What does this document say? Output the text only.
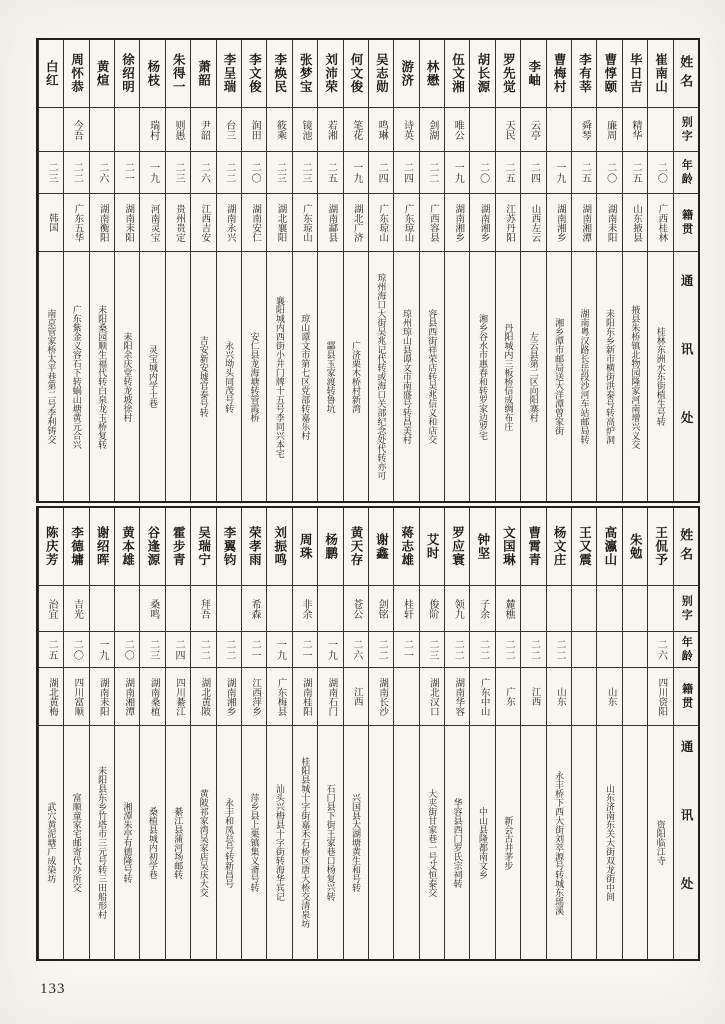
姓名
别字
年龄
籍贯
通讯处
崔南山
二〇
广西桂林
桂林东洲水东街植生号转
毕日吉
精华
二五
山东掖县
掖县朱桥镇北物园隆家河南增兴义交
曹惇颐
廉周
二〇
湖南耒阳
耒阳东乡新市横街洪泰号转高炉洞
李有莘
舜琴
二五
湖南湘潭
湖南粤汉路长岳段沙河车站邮局转
曹梅村
一九
湖南湘乡
湘乡潭市邮局送大洋潭曾家街
李岫
云亭
二四
山西左云
左云县第二区向阳寨村
罗先觉
天民
二五
江苏丹阳
丹阳城内三板桥信成绸布庄
胡长源
二〇
湖南湘乡
湘乡谷水市惠春和转罗家边罗宅
伍文湘
唯公
一九
湖南湘乡
林懋
剑湖
二二
广西容县
容县西街祥荣店转吴兆信义和店交
游济
诗英
二四
广东琼山
琼州琼山县谭文市南盛号转昌美村
吴志勋
鸣琳
二四
广东琼山
琼州海口大街吴兆记代转或海口关部纪念处代转亦可
何文俊
笔花
一九
湖北广济
广济栗木桥村新湾
刘沛荣
若湘
二五
湖南酃县
酃县玉家渡转鲁坑
张梦宝
镜池
二三
广东琼山
琼山谭文市第七区党部转嘉乐村
李焕民
筱乘
二三
湖北襄阳
襄阳城内西街小井门牌十五号李同兴本宅
李文俊
润田
二〇
湖南安仁
安仁县龙海塘转管霞桥
李呈瑞
台三
二二
湖南永兴
永兴坳头同茂号转
萧韶
尹韶
二六
江西吉安
吉安新安墟官泰号转
朱得一
则愚
二三
贵州贵定
杨枝
瑞村
一九
河南灵宝
灵宝城内学士巷
徐绍明
二一
湖南耒阳
耒阳余庆堂转龙坡徐村
黄煊
二六
湖南衡阳
耒阳桑园顺生福代转白泉龙玉桥复转
周怀恭
今吾
二二
广东五华
广东紫金义容石下转蜗山塘黄元合兴
白红
二三
韩国
南京管家桥太平巷第二号李利铸交
姓名
别字
年龄
籍贯
通讯处
王侃予
二六
四川资阳
资阳临江寺
朱勉
高瀛山
山东
山东济南东关大街双龙街中间
王又震
杨文庄
二二
山东
永丰桥下西大街刘萃源号转城东瑶溪
曹霄青
二二
江西
文国琳
麓樵
二二
广东
新会古井茅步
钟坚
子余
二二
广东中山
中山县隆都南文乡
罗应寰
领九
二二
湖南华容
华容县西门罗氏宗祠转
艾时
俊阶
二三
湖北汉口
大夹街甘家巷一号艾恒泰交
蒋志雄
桂轩
二一
谢鑫
剑铭
二二
湖南长沙
黄天存
苍公
二六
江西
兴国县大湖塘黄生和号转
杨鹏
一九
湖南石门
石门县下街王家巷口杨复兴转
周珠
非余
二一
湖南桂阳
桂阳县城十字街嘉禾石桥区唐大桥交清泉坊
刘振鸣
一九
广东梅县
汕头兴梅县十字街转海华宾记
荣孝雨
希森
二一
江西萍乡
萍乡县上栗镇集义斋号转
李翼钧
二二
湖南湘乡
永丰和凤总号转新昌号
吴瑞宁
拜吾
二二
湖北黄陂
黄陂祁家湾吴家店吴庆大交
霍步青
二四
四川綦江
綦江县蒲河场邮转
谷逢源
桑鸣
二三
湖南桑植
桑植县城内初学巷
黄本雄
二〇
湖南湘潭
湘潭朱亭有德隆号转
谢绍晖
一九
湖南耒阳
耒阳县东乡竹塔市三元号转三田船形村
李德墉
吉光
二〇
四川富顺
富顺童家宅邮寄代办所交
陈庆芳
治宜
二五
湖北黄梅
武穴黄泥塘广成染坊
133
